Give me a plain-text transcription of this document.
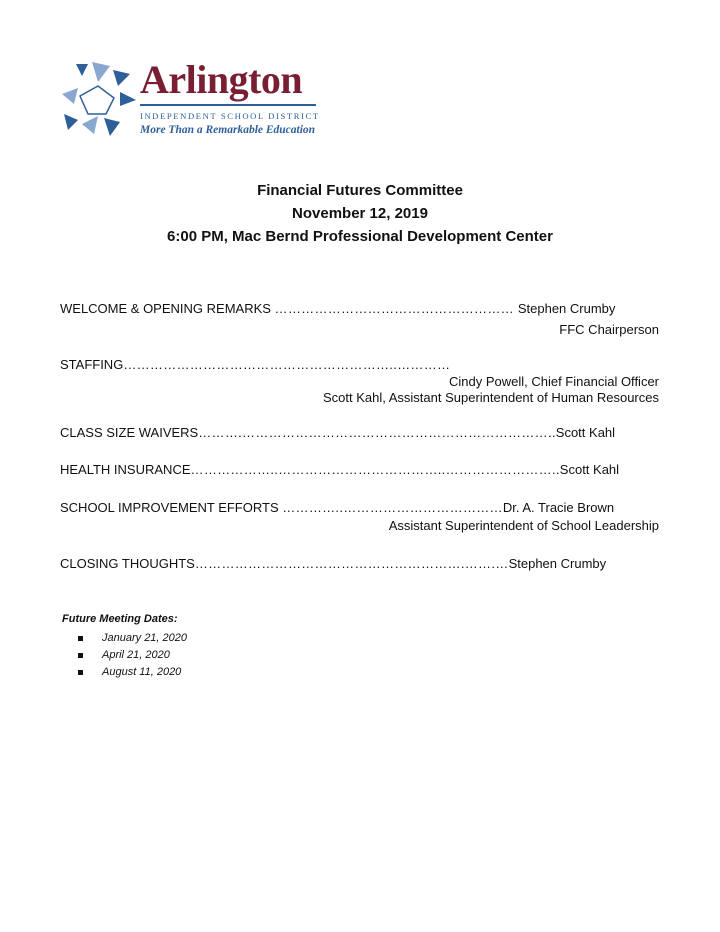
Arlington
INDEPENDENT SCHOOL DISTRICT
More Than a Remarkable Education
Financial Futures Committee
November 12, 2019
6:00 PM, Mac Bernd Professional Development Center
WELCOME & OPENING REMARKS ……………………………………………… Stephen Crumby
FFC Chairperson
STAFFING……………………………………………………..…………
Cindy Powell, Chief Financial Officer
Scott Kahl, Assistant Superintendent of Human Resources
CLASS SIZE WAIVERS……….……………………………………………………………..Scott Kahl
HEALTH INSURANCE………………..………………………………..……………………..Scott Kahl
SCHOOL IMPROVEMENT EFFORTS …………..………………………………Dr. A. Tracie Brown
Assistant Superintendent of School Leadership
CLOSING THOUGHTS…………………………………………………….…….…Stephen Crumby
Future Meeting Dates:
January 21, 2020
April 21, 2020
August 11, 2020
